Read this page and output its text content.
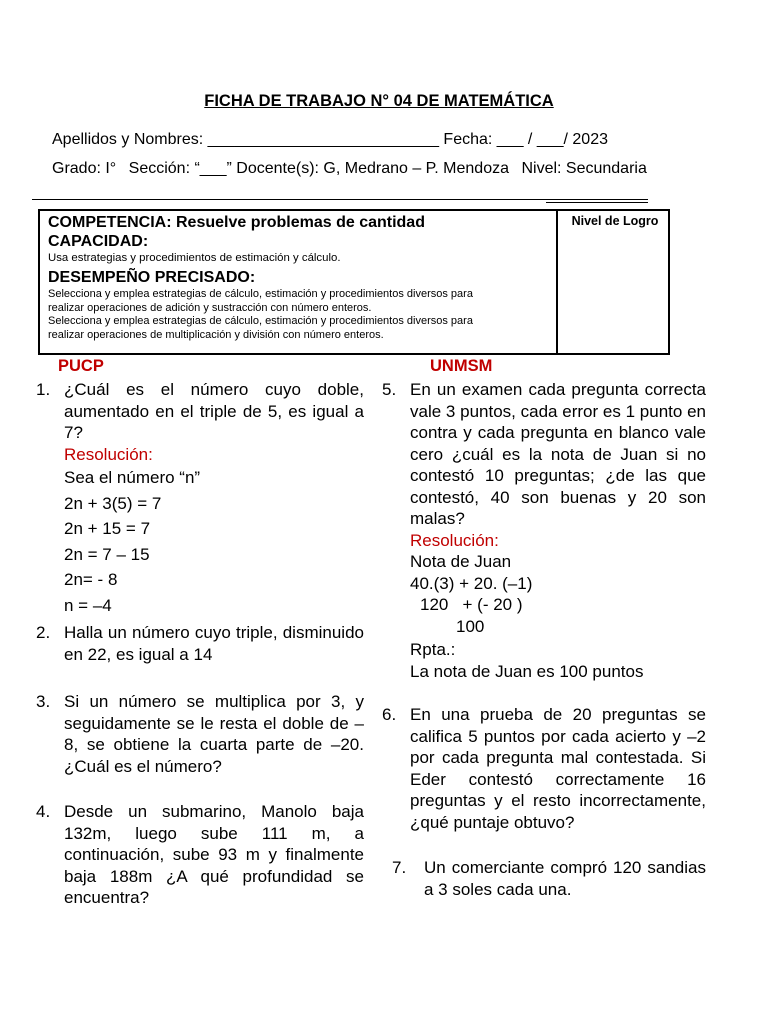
FICHA DE TRABAJO N° 04 DE MATEMÁTICA
Apellidos y Nombres: __________________________ Fecha: ___ / ___/ 2023
Grado: I° Sección: “___” Docente(s): G, Medrano – P. Mendoza Nivel: Secundaria
COMPETENCIA: Resuelve problemas de cantidad
CAPACIDAD:
Usa estrategias y procedimientos de estimación y cálculo.
DESEMPEÑO PRECISADO:
Selecciona y emplea estrategias de cálculo, estimación y procedimientos diversos para
realizar operaciones de adición y sustracción con número enteros.
Selecciona y emplea estrategias de cálculo, estimación y procedimientos diversos para
realizar operaciones de multiplicación y división con número enteros.
Nivel de Logro
PUCP	UNMSM
1. ¿Cuál es el número cuyo doble, aumentado en el triple de 5, es igual a 7?
Resolución:
Sea el número “n”
2n + 3(5) = 7
2n + 15 = 7
2n = 7 – 15
2n= - 8
n = –4
2. Halla un número cuyo triple, disminuido en 22, es igual a 14
3. Si un número se multiplica por 3, y seguidamente se le resta el doble de –8, se obtiene la cuarta parte de –20. ¿Cuál es el número?
4. Desde un submarino, Manolo baja 132m, luego sube 111 m, a continuación, sube 93 m y finalmente baja 188m ¿A qué profundidad se encuentra?
5. En un examen cada pregunta correcta vale 3 puntos, cada error es 1 punto en contra y cada pregunta en blanco vale cero ¿cuál es la nota de Juan si no contestó 10 preguntas; ¿de las que contestó, 40 son buenas y 20 son malas?
Resolución:
Nota de Juan
40.(3) + 20. (–1)
120   + (- 20 )
100
Rpta.:
La nota de Juan es 100 puntos
6. En una prueba de 20 preguntas se califica 5 puntos por cada acierto y –2 por cada pregunta mal contestada. Si Eder contestó correctamente 16 preguntas y el resto incorrectamente, ¿qué puntaje obtuvo?
7. Un comerciante compró 120 sandias a 3 soles cada una.
